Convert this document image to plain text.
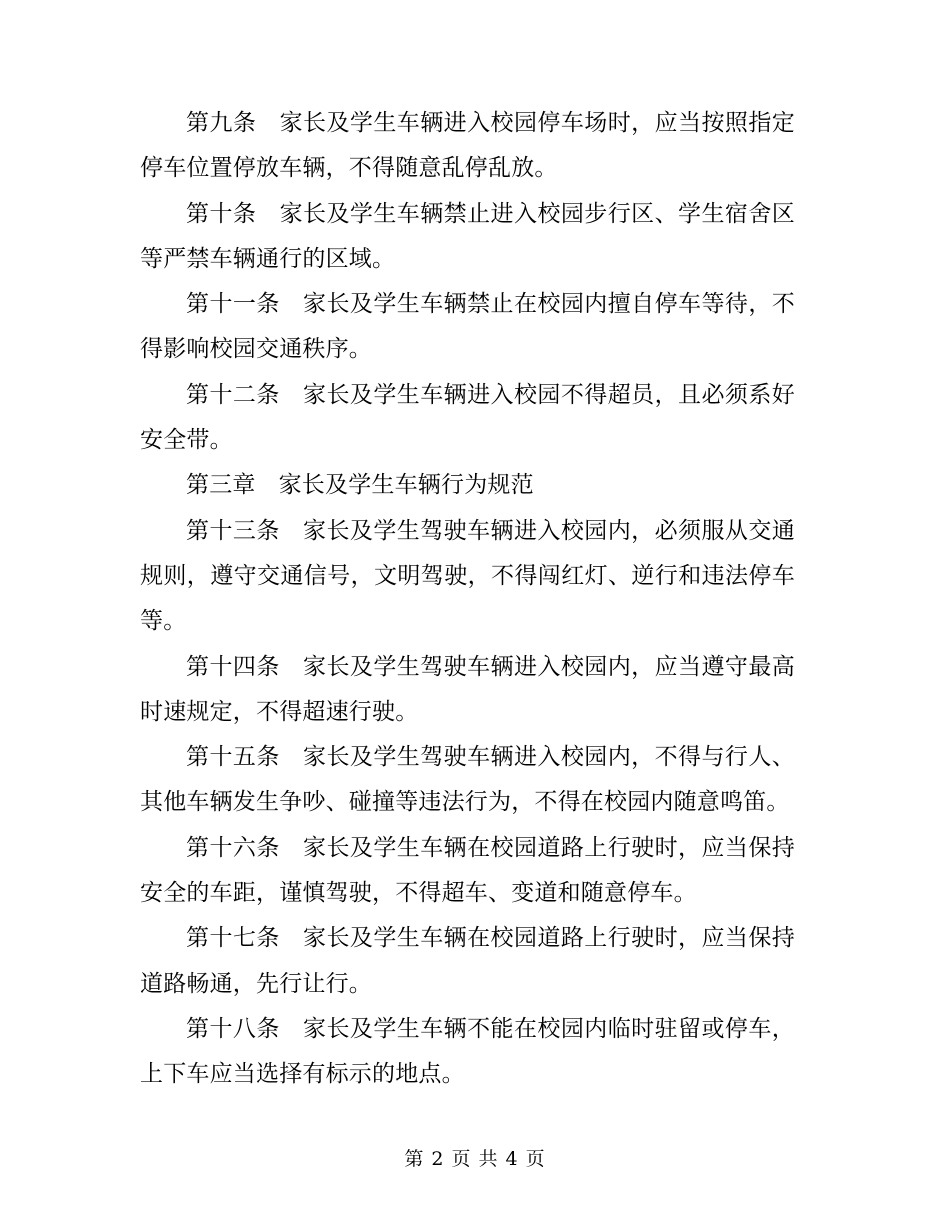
第九条 家长及学生车辆进入校园停车场时，应当按照指定停车位置停放车辆，不得随意乱停乱放。

第十条 家长及学生车辆禁止进入校园步行区、学生宿舍区等严禁车辆通行的区域。

第十一条 家长及学生车辆禁止在校园内擅自停车等待，不得影响校园交通秩序。

第十二条 家长及学生车辆进入校园不得超员，且必须系好安全带。

第三章 家长及学生车辆行为规范

第十三条 家长及学生驾驶车辆进入校园内，必须服从交通规则，遵守交通信号，文明驾驶，不得闯红灯、逆行和违法停车等。

第十四条 家长及学生驾驶车辆进入校园内，应当遵守最高时速规定，不得超速行驶。

第十五条 家长及学生驾驶车辆进入校园内，不得与行人、其他车辆发生争吵、碰撞等违法行为，不得在校园内随意鸣笛。

第十六条 家长及学生车辆在校园道路上行驶时，应当保持安全的车距，谨慎驾驶，不得超车、变道和随意停车。

第十七条 家长及学生车辆在校园道路上行驶时，应当保持道路畅通，先行让行。

第十八条 家长及学生车辆不能在校园内临时驻留或停车，上下车应当选择有标示的地点。

第 2 页 共 4 页
